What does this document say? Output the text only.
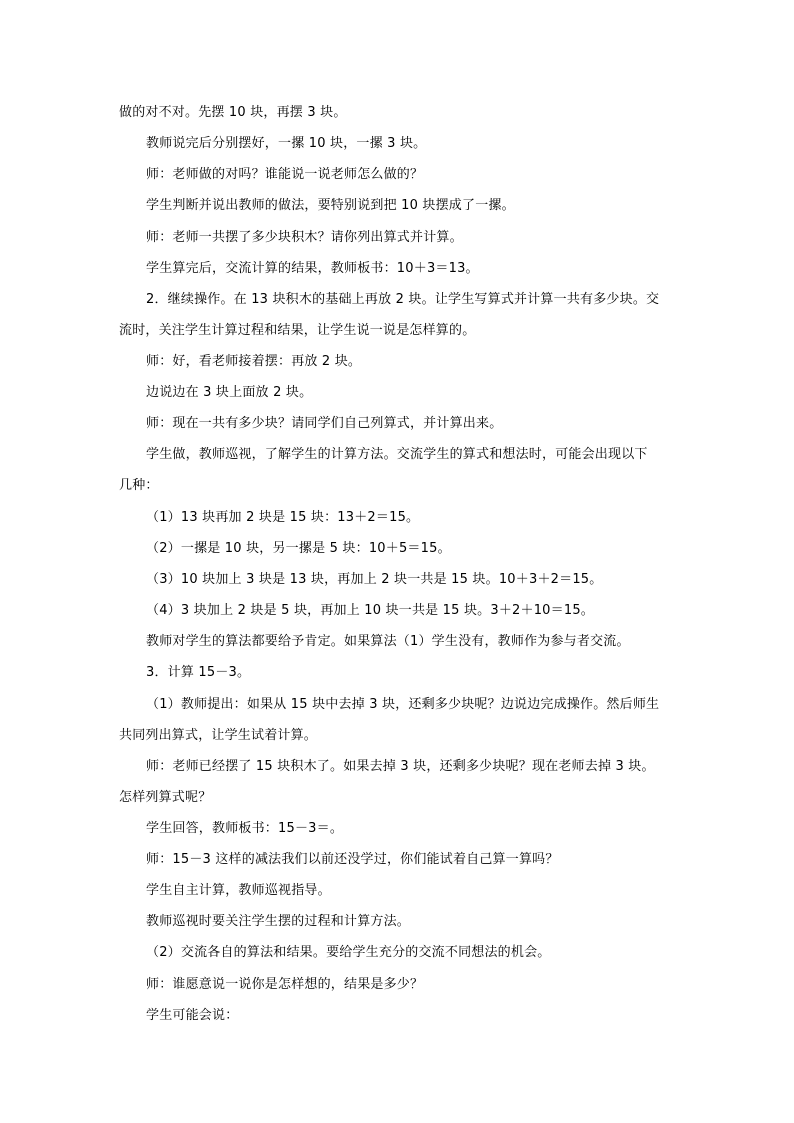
做的对不对。先摆 10 块，再摆 3 块。
教师说完后分别摆好，一摞 10 块，一摞 3 块。
师：老师做的对吗？谁能说一说老师怎么做的？
学生判断并说出教师的做法，要特别说到把 10 块摆成了一摞。
师：老师一共摆了多少块积木？请你列出算式并计算。
学生算完后，交流计算的结果，教师板书：10＋3＝13。
2．继续操作。在 13 块积木的基础上再放 2 块。让学生写算式并计算一共有多少块。交
流时，关注学生计算过程和结果，让学生说一说是怎样算的。
师：好，看老师接着摆：再放 2 块。
边说边在 3 块上面放 2 块。
师：现在一共有多少块？请同学们自己列算式，并计算出来。
学生做，教师巡视，了解学生的计算方法。交流学生的算式和想法时，可能会出现以下
几种：
（1）13 块再加 2 块是 15 块：13＋2＝15。
（2）一摞是 10 块，另一摞是 5 块：10＋5＝15。
（3）10 块加上 3 块是 13 块，再加上 2 块一共是 15 块。10＋3＋2＝15。
（4）3 块加上 2 块是 5 块，再加上 10 块一共是 15 块。3＋2＋10＝15。
教师对学生的算法都要给予肯定。如果算法（1）学生没有，教师作为参与者交流。
3．计算 15－3。
（1）教师提出：如果从 15 块中去掉 3 块，还剩多少块呢？边说边完成操作。然后师生
共同列出算式，让学生试着计算。
师：老师已经摆了 15 块积木了。如果去掉 3 块，还剩多少块呢？现在老师去掉 3 块。
怎样列算式呢？
学生回答，教师板书：15－3＝。
师：15－3 这样的减法我们以前还没学过，你们能试着自己算一算吗？
学生自主计算，教师巡视指导。
教师巡视时要关注学生摆的过程和计算方法。
（2）交流各自的算法和结果。要给学生充分的交流不同想法的机会。
师：谁愿意说一说你是怎样想的，结果是多少？
学生可能会说：
